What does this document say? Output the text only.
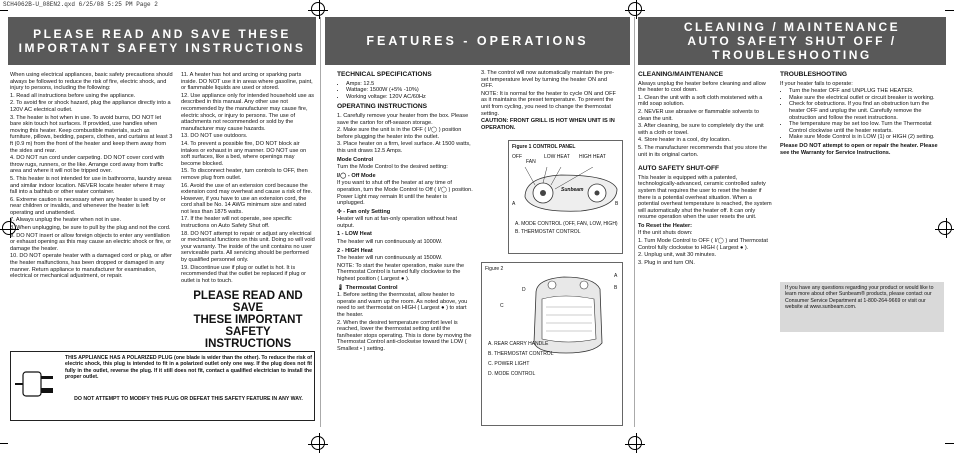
SCH4062B-U_08EN2.qxd 6/25/08 5:25 PM Page 2
PLEASE READ AND SAVE THESE
IMPORTANT SAFETY INSTRUCTIONS

When using electrical appliances, basic safety precautions should always be followed to reduce the risk of fire, electric shock, and injury to persons, including the following:

1. Read all instructions before using the appliance.

2. To avoid fire or shock hazard, plug the appliance directly into a 120V AC electrical outlet.

3. The heater is hot when in use. To avoid burns, DO NOT let bare skin touch hot surfaces. If provided, use handles when moving this heater. Keep combustible materials, such as furniture, pillows, bedding, papers, clothes, and curtains at least 3 ft (0.9 m) from the front of the heater and keep them away from the sides and rear.

4. DO NOT run cord under carpeting. DO NOT cover cord with throw rugs, runners, or the like. Arrange cord away from traffic area and where it will not be tripped over.

5. This heater is not intended for use in bathrooms, laundry areas and similar indoor location. NEVER locate heater where it may fall into a bathtub or other water container.

6. Extreme caution is necessary when any heater is used by or near children or invalids, and whenever the heater is left operating and unattended.

7. Always unplug the heater when not in use.

8. When unplugging, be sure to pull by the plug and not the cord.

9. DO NOT insert or allow foreign objects to enter any ventilation or exhaust opening as this may cause an electric shock or fire, or damage the heater.

10. DO NOT operate heater with a damaged cord or plug, or after the heater malfunctions, has been dropped or damaged in any manner. Return appliance to manufacturer for examination, electrical or mechanical adjustment, or repair.

11. A heater has hot and arcing or sparking parts inside. DO NOT use it in areas where gasoline, paint, or flammable liquids are used or stored.

12. Use appliance only for intended household use as described in this manual. Any other use not recommended by the manufacturer may cause fire, electric shock, or injury to persons. The use of attachments not recommended or sold by the manufacturer may cause hazards.

13. DO NOT use outdoors.

14. To prevent a possible fire, DO NOT block air intakes or exhaust in any manner. DO NOT use on soft surfaces, like a bed, where openings may become blocked.

15. To disconnect heater, turn controls to OFF, then remove plug from outlet.

16. Avoid the use of an extension cord because the extension cord may overheat and cause a risk of fire. However, if you have to use an extension cord, the cord shall be No. 14 AWG minimum size and rated not less than 1875 watts.

17. If the heater will not operate, see specific instructions on Auto Safety Shut off.

18. DO NOT attempt to repair or adjust any electrical or mechanical functions on this unit. Doing so will void your warranty. The inside of the unit contains no user serviceable parts. All servicing should be performed by qualified personnel only.

19. Discontinue use if plug or outlet is hot. It is recommended that the outlet be replaced if plug or outlet is hot to touch.

PLEASE READ AND SAVE
THESE IMPORTANT SAFETY
INSTRUCTIONS
THIS APPLIANCE HAS A POLARIZED PLUG (one blade is wider than the other). To reduce the risk of electric shock, this plug is intended to fit in a polarized outlet only one way. If the plug does not fit fully in the outlet, reverse the plug. If it still does not fit, contact a qualified electrician to install the proper outlet.
DO NOT ATTEMPT TO MODIFY THIS PLUG OR DEFEAT THIS SAFETY FEATURE IN ANY WAY.
FEATURES - OPERATIONS
TECHNICAL SPECIFICATIONS
• Amps: 12.5
• Wattage: 1500W (+5% -10%)
• Working voltage: 120V AC/60Hz
OPERATING INSTRUCTIONS

1. Carefully remove your heater from the box. Please save the carton for off-season storage.

2. Make sure the unit is in the OFF ( I/◯ ) position before plugging the heater into the outlet.

3. Place heater on a firm, level surface. At 1500 watts, this unit draws 12.5 Amps.

Mode Control

Turn the Mode Control to the desired setting:

I/◯ - Off Mode

If you want to shut off the heater at any time of operation, turn the Mode Control to Off ( I/◯ ) position. Power Light may remain lit until the heater is unplugged.

✣ - Fan only Setting

Heater will run at fan-only operation without heat output.

1 - LOW Heat

The heater will run continuously at 1000W.

2 - HIGH Heat

The heater will run continuously at 1500W.

NOTE: To start the heater operation, make sure the Thermostat Control is turned fully clockwise to the highest position ( Largest ● ).

🌡 Thermostat Control

1. Before setting the thermostat, allow heater to operate and warm up the room. As noted above, you need to set thermostat on HIGH ( Largest ● ) to start the heater.

2. When the desired temperature comfort level is reached, lower the thermostat setting until the fan/heater stops operating. This is done by moving the Thermostat Control anti-clockwise toward the LOW ( Smallest • ) setting.

3. The control will now automatically maintain the pre-set temperature level by turning the heater ON and OFF.

NOTE: It is normal for the heater to cycle ON and OFF as it maintains the preset temperature. To prevent the unit from cycling, you need to change the thermostat setting.

CAUTION: FRONT GRILL IS HOT WHEN UNIT IS IN OPERATION.

Figure 1 CONTROL PANEL
OFF
FAN
LOW HEAT HIGH HEAT
Sunbeam
A	B
A. MODE CONTROL (OFF, FAN, LOW, HIGH)
B. THERMOSTAT CONTROL
Figure 2
A
B
C
D
A. REAR CARRY HANDLE
B. THERMOSTAT CONTROL
C. POWER LIGHT
D. MODE CONTROL
CLEANING / MAINTENANCE
AUTO SAFETY SHUT OFF / TROUBLESHOOTING
CLEANING/MAINTENANCE

Always unplug the heater before cleaning and allow the heater to cool down.

1. Clean the unit with a soft cloth moistened with a mild soap solution.

2. NEVER use abrasive or flammable solvents to clean the unit.

3. After cleaning, be sure to completely dry the unit with a cloth or towel.

4. Store heater in a cool, dry location.

5. The manufacturer recommends that you store the unit in its original carton.

AUTO SAFETY SHUT-OFF

This heater is equipped with a patented, technologically-advanced, ceramic controlled safety system that requires the user to reset the heater if there is a potential overheat situation. When a potential overheat temperature is reached, the system will automatically shut the heater off. It can only resume operation when the user resets the unit.

To Reset the Heater:

If the unit shuts down:

1. Turn Mode Control to OFF ( I/◯ ) and Thermostat Control fully clockwise to HIGH ( Largest ● ).

2. Unplug unit, wait 30 minutes.

3. Plug in and turn ON.

TROUBLESHOOTING

If your heater fails to operate:

• Turn the heater OFF and UNPLUG THE HEATER.
• Make sure the electrical outlet or circuit breaker is working.
• Check for obstructions. If you find an obstruction turn the heater OFF and unplug the unit. Carefully remove the obstruction and follow the reset instructions.
• The temperature may be set too low. Turn the Thermostat Control clockwise until the heater restarts.
• Make sure Mode Control is in LOW (1) or HIGH (2) setting.

Please DO NOT attempt to open or repair the heater. Please see the Warranty for Service Instructions.

If you have any questions regarding your product or would like to learn more about other Sunbeam® products, please contact our Consumer Service Department at 1-800-264-9669 or visit our website at www.sunbeam.com.
